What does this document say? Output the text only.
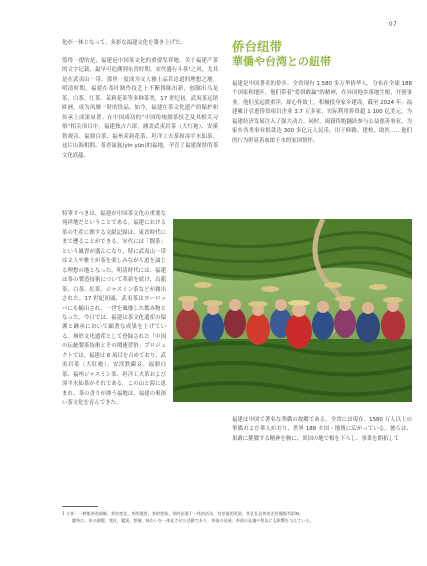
07

化が一体となって、多彩な福建文化を築き上げた。

值得一提的是，福建是中国茶文化的重要发祥地。关于福建产茶的文字记载，最早可追溯到东晋时期。宋代盛行斗茶¹之风，尤其是在武夷山一带，那里一度成为文人雅士品茗论道的理想之地。明清时期，福建在茶叶制作技艺上不断推陈出新，创制出乌龙茶、白茶、红茶、茉莉花茶等多种茶类。17 世纪初，武夷茶远销欧洲，成为风靡一时的饮品。如今，福建在茶文化遗产的保护和传承上成果显著。在中国成功的“中国传统制茶技艺及其相关习俗”相关项目中，福建独占六席，涵盖武夷岩茶（大红袍）、安溪铁观音、福鼎白茶、福州茉莉花茶、坦洋工夫茶和漳平水仙茶。这片山海相拥、茶香氤氲(yīn yūn)的福地，孕育了福建深厚的茶文化底蕴。

特筆すべきは、福建が中国茶文化の重要な発祥地だということである。福建における茶の生産に関する文献記録は、東晋時代にまで遡ることができる。宋代には「闘茶」という風習が盛んになり、特に武夷山一帯は文人や雅士が茶を楽しみながら道を論じる理想の地となった。明清時代には、福建は茶の製造技術について革新を続け、烏龍茶、白茶、紅茶、ジャスミン茶などが創出された。17 世紀初頭、武夷茶はヨーロッパにも輸出され、一世を風靡した飲み物となった。今日では、福建は茶文化遺産の保護と継承において顕著な成果を上げている。無形文化遺産として登録された「中国の伝統製茶技術とその関連習俗」プロジェクトでは、福建は 6 項目を占めており、武夷岩茶（大紅袍）、安渓鉄観音、福鼎白茶、福州ジャスミン茶、坦洋工夫茶および漳平水仙茶がそれである。この山と海に恵まれ、茶の香りが漂う福地は、福建の奥深い茶文化を育んできた。

侨台纽带
華僑や台湾との紐帯

福建是中国著名的侨乡。全省现有 1 580 多万华侨华人，分布在全球 188 个国家和地区。他们带着“爱拼敢赢”的精神，在异国他乡落地生根，开创事业。他们虽远渡重洋，却心怀故土，积极投身家乡建设。截至 2024 年，福建累计引进侨资项目企业 3.7 万多家，实际利用侨资超 1 100 亿美元，为福建经济发展注入了强大动力。同时，闽籍侨胞踊跃参与公益慈善事业，为家乡各类事业捐款达 300 多亿元人民币，用于修路、建校、助医……他们的行为彰显着血浓于水的家国情怀。

福建は中国で著名な華僑の故郷である。全省には現在、1580 万人以上の華僑および華人がおり、世界 188 カ国・地域に広がっている。彼らは、果敢に挑戦する精神を胸に、異国の地で根を下ろし、事業を開拓して

1 斗茶：一种集茶的调制、茶的变化、茶的鉴赏、茶的想象、茶的品鉴于一体的活动，对茶器的发展、茶艺礼仪和茶艺传播都有影响。
闘茶は、茶の調製、変化、鑑賞、想像、味わいを一体化させた活動であり、茶器の発展、茶道の礼儀や普及にも影響を与えている。
